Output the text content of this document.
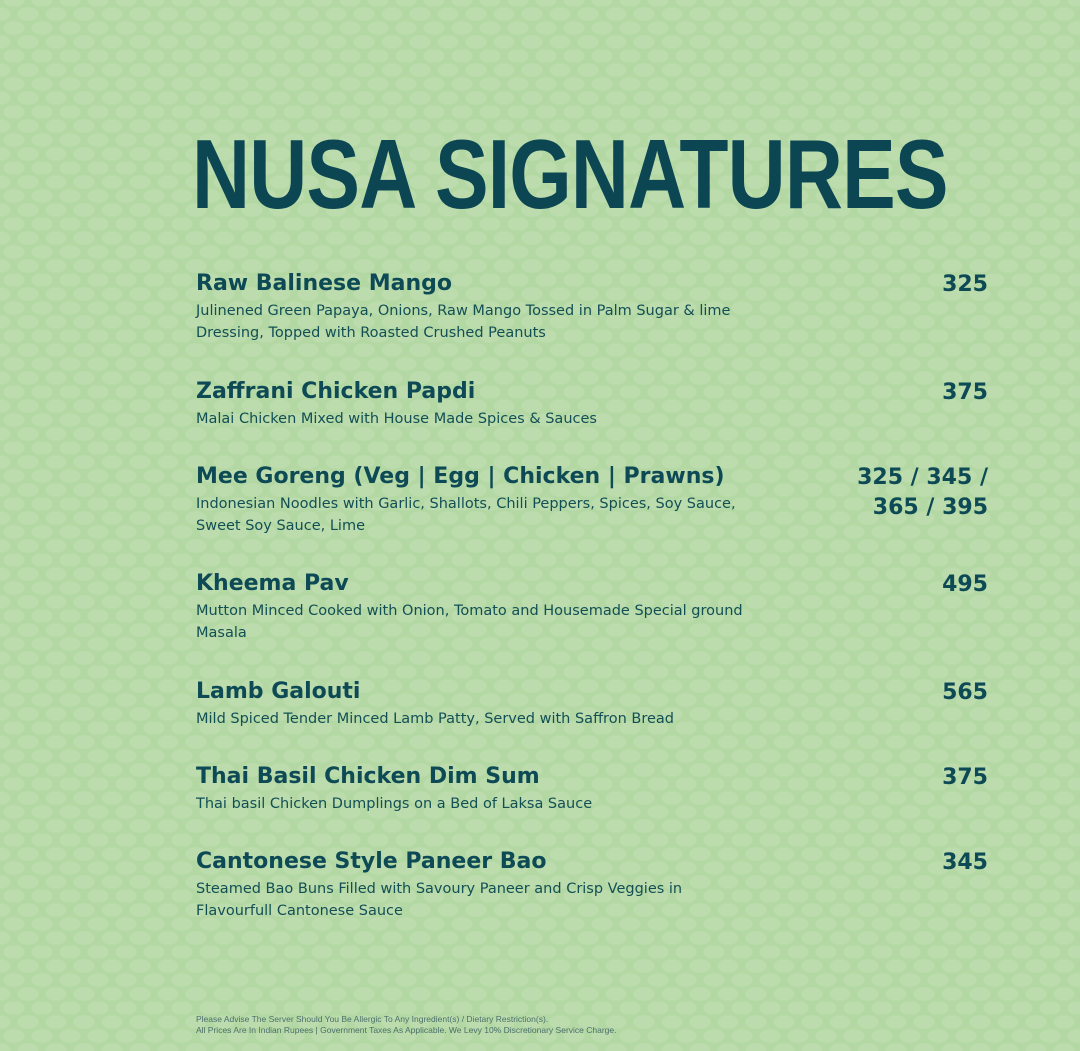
NUSA SIGNATURES
Raw Balinese Mango
Julinened Green Papaya, Onions, Raw Mango Tossed in Palm Sugar & lime Dressing, Topped with Roasted Crushed Peanuts
325
Zaffrani Chicken Papdi
Malai Chicken Mixed with House Made Spices & Sauces
375
Mee Goreng (Veg | Egg | Chicken | Prawns)
Indonesian Noodles with Garlic, Shallots, Chili Peppers, Spices, Soy Sauce, Sweet Soy Sauce, Lime
325 / 345 /
365 / 395
Kheema Pav
Mutton Minced Cooked with Onion, Tomato and Housemade Special ground Masala
495
Lamb Galouti
Mild Spiced Tender Minced Lamb Patty, Served with Saffron Bread
565
Thai Basil Chicken Dim Sum
Thai basil Chicken Dumplings on a Bed of Laksa Sauce
375
Cantonese Style Paneer Bao
Steamed Bao Buns Filled with Savoury Paneer and Crisp Veggies in Flavourfull Cantonese Sauce
345
Please Advise The Server Should You Be Allergic To Any Ingredient(s) / Dietary Restriction(s).
All Prices Are In Indian Rupees | Government Taxes As Applicable. We Levy 10% Discretionary Service Charge.
